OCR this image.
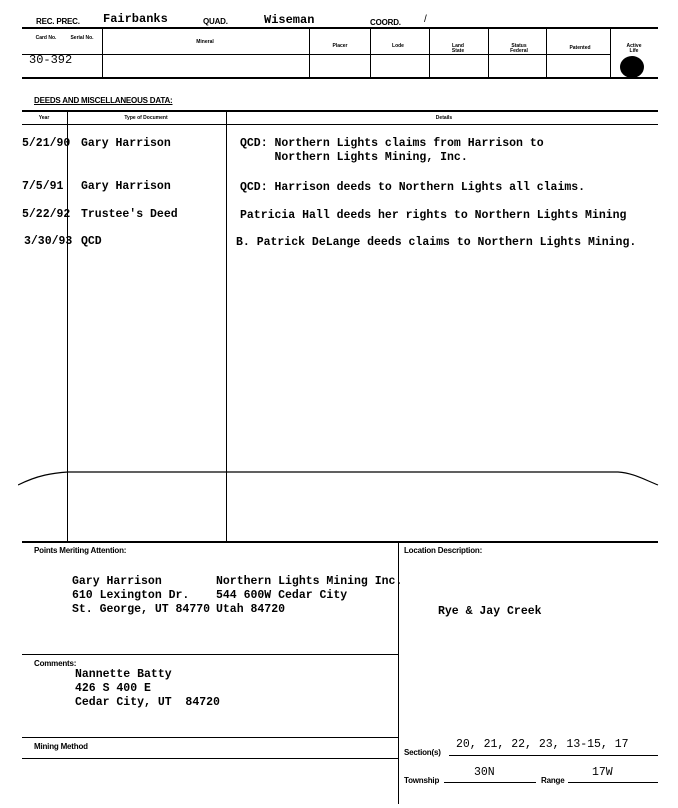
REC. PREC. Fairbanks	QUAD.	Wiseman	COORD. /
Card No.	Serial No.
Mineral
Placer	Lode	Land State
Status Federal	Patented	Active Life
30-392
DEEDS AND MISCELLANEOUS DATA:
Year	Type of Document	Details
5/21/90 Gary Harrison	QCD: Northern Lights claims from Harrison to
Northern Lights Mining, Inc.
7/5/91 Gary Harrison	QCD: Harrison deeds to Northern Lights all claims.
5/22/92 Trustee's Deed	Patricia Hall deeds her rights to Northern Lights Mining
3/30/93 QCD	B. Patrick DeLange deeds claims to Northern Lights Mining.
Points Meriting Attention:
Gary Harrison
610 Lexington Dr.
St. George, UT 84770
Northern Lights Mining Inc.
544 600W Cedar City
Utah 84720
Location Description:
Rye & Jay Creek
Comments:
Nannette Batty
426 S 400 E
Cedar City, UT  84720
Mining Method
Section(s)
20, 21, 22, 23, 13-15, 17
Township
30N
Range
17W
